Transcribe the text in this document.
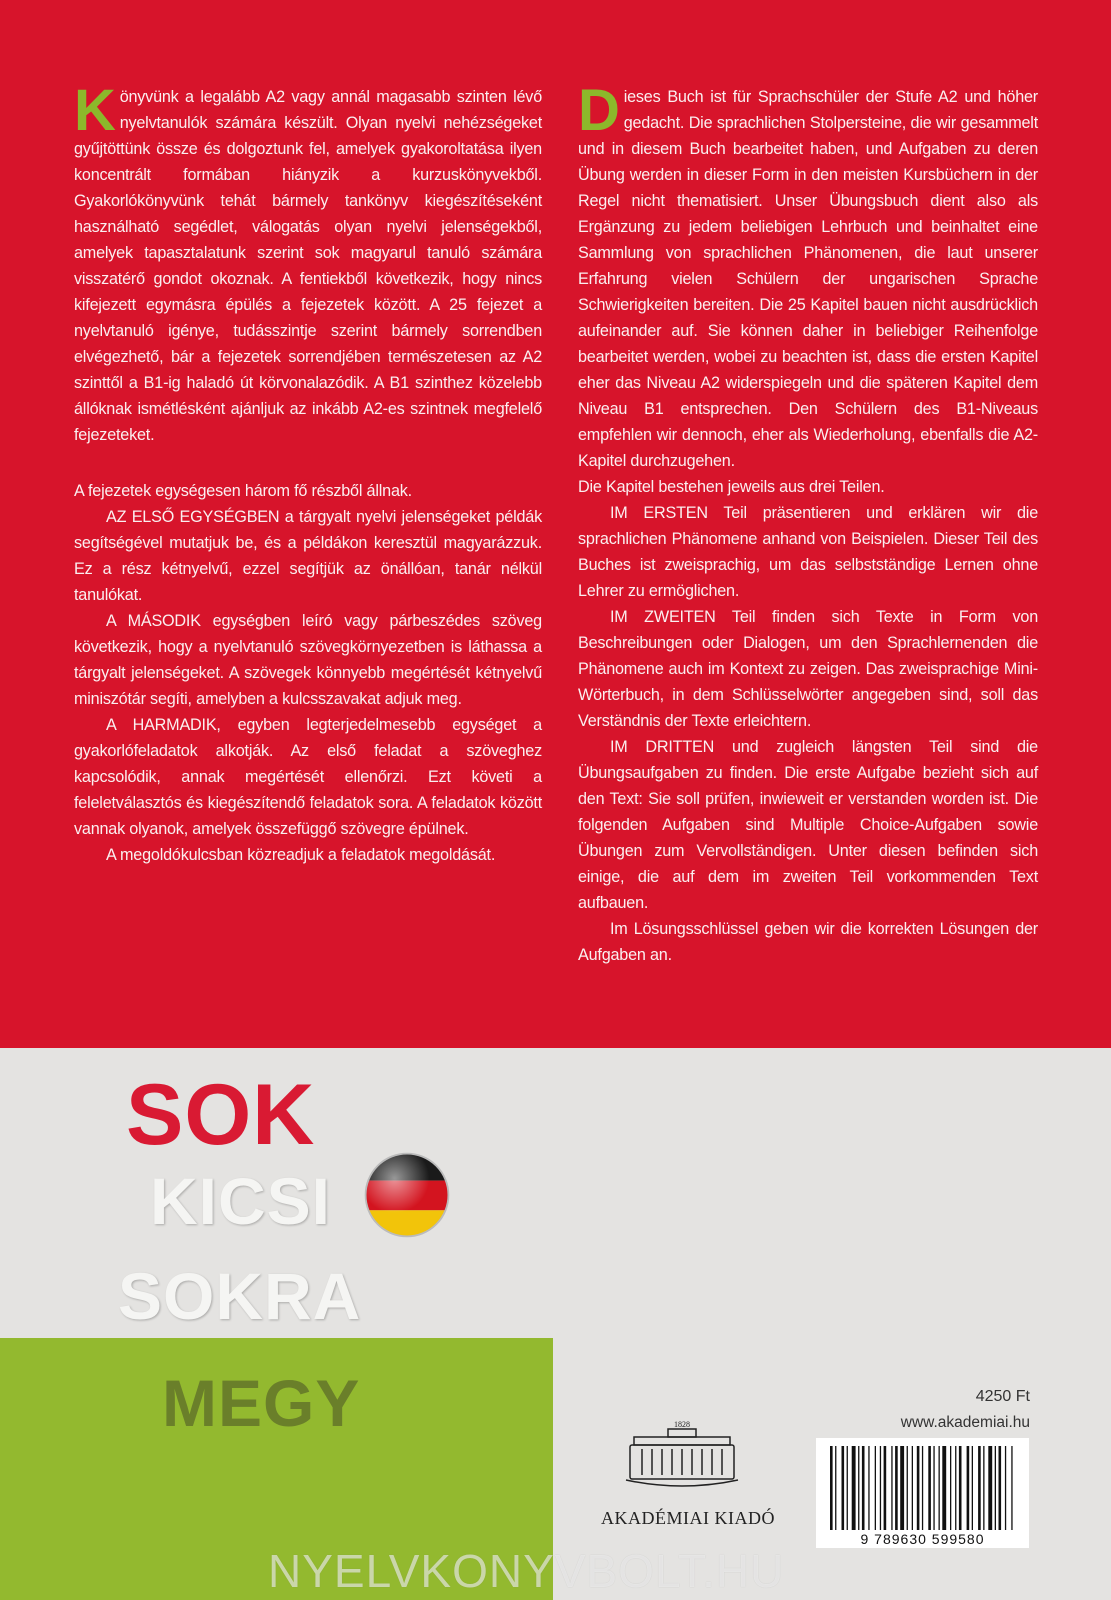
Könyvünk a legalább A2 vagy annál magasabb szinten lévő nyelvtanulók számára készült. Olyan nyelvi nehézségeket gyűjtöttünk össze és dolgoztunk fel, amelyek gyakoroltatása ilyen koncentrált formában hiányzik a kurzuskönyvekből. Gyakorlókönyvünk tehát bármely tankönyv kiegészítéseként használható segédlet, válogatás olyan nyelvi jelenségekből, amelyek tapasztalatunk szerint sok magyarul tanuló számára visszatérő gondot okoznak. A fentiekből következik, hogy nincs kifejezett egymásra épülés a fejezetek között. A 25 fejezet a nyelvtanuló igénye, tudásszintje szerint bármely sorrendben elvégezhető, bár a fejezetek sorrendjében természetesen az A2 szinttől a B1-ig haladó út körvonalazódik. A B1 szinthez közelebb állóknak ismétlésként ajánljuk az inkább A2-es szintnek megfelelő fejezeteket.

A fejezetek egységesen három fő részből állnak.

AZ ELSŐ EGYSÉGBEN a tárgyalt nyelvi jelenségeket példák segítségével mutatjuk be, és a példákon keresztül magyarázzuk. Ez a rész kétnyelvű, ezzel segítjük az önállóan, tanár nélkül tanulókat.

A MÁSODIK egységben leíró vagy párbeszédes szöveg következik, hogy a nyelvtanuló szövegkörnyezetben is láthassa a tárgyalt jelenségeket. A szövegek könnyebb megértését kétnyelvű miniszótár segíti, amelyben a kulcsszavakat adjuk meg.

A HARMADIK, egyben legterjedelmesebb egységet a gyakorlófeladatok alkotják. Az első feladat a szöveghez kapcsolódik, annak megértését ellenőrzi. Ezt követi a feleletválasztós és kiegészítendő feladatok sora. A feladatok között vannak olyanok, amelyek összefüggő szövegre épülnek.

A megoldókulcsban közreadjuk a feladatok megoldását.

Dieses Buch ist für Sprachschüler der Stufe A2 und höher gedacht. Die sprachlichen Stolpersteine, die wir gesammelt und in diesem Buch bearbeitet haben, und Aufgaben zu deren Übung werden in dieser Form in den meisten Kursbüchern in der Regel nicht thematisiert. Unser Übungsbuch dient also als Ergänzung zu jedem beliebigen Lehrbuch und beinhaltet eine Sammlung von sprachlichen Phänomenen, die laut unserer Erfahrung vielen Schülern der ungarischen Sprache Schwierigkeiten bereiten. Die 25 Kapitel bauen nicht ausdrücklich aufeinander auf. Sie können daher in beliebiger Reihenfolge bearbeitet werden, wobei zu beachten ist, dass die ersten Kapitel eher das Niveau A2 widerspiegeln und die späteren Kapitel dem Niveau B1 entsprechen. Den Schülern des B1-Niveaus empfehlen wir dennoch, eher als Wiederholung, ebenfalls die A2-Kapitel durchzugehen.

Die Kapitel bestehen jeweils aus drei Teilen.

IM ERSTEN Teil präsentieren und erklären wir die sprachlichen Phänomene anhand von Beispielen. Dieser Teil des Buches ist zweisprachig, um das selbstständige Lernen ohne Lehrer zu ermöglichen.

IM ZWEITEN Teil finden sich Texte in Form von Beschreibungen oder Dialogen, um den Sprachlernenden die Phänomene auch im Kontext zu zeigen. Das zweisprachige Mini-Wörterbuch, in dem Schlüsselwörter angegeben sind, soll das Verständnis der Texte erleichtern.

IM DRITTEN und zugleich längsten Teil sind die Übungsaufgaben zu finden. Die erste Aufgabe bezieht sich auf den Text: Sie soll prüfen, inwieweit er verstanden worden ist. Die folgenden Aufgaben sind Multiple Choice-Aufgaben sowie Übungen zum Vervollständigen. Unter diesen befinden sich einige, die auf dem im zweiten Teil vorkommenden Text aufbauen.

Im Lösungsschlüssel geben wir die korrekten Lösungen der Aufgaben an.

SOK
KICSI
SOKRA
MEGY	4250 Ft
www.akademiai.hu
1828
AKADÉMIAI KIADÓ
9 789630 599580
NYELVKONYVBOLT.HU
